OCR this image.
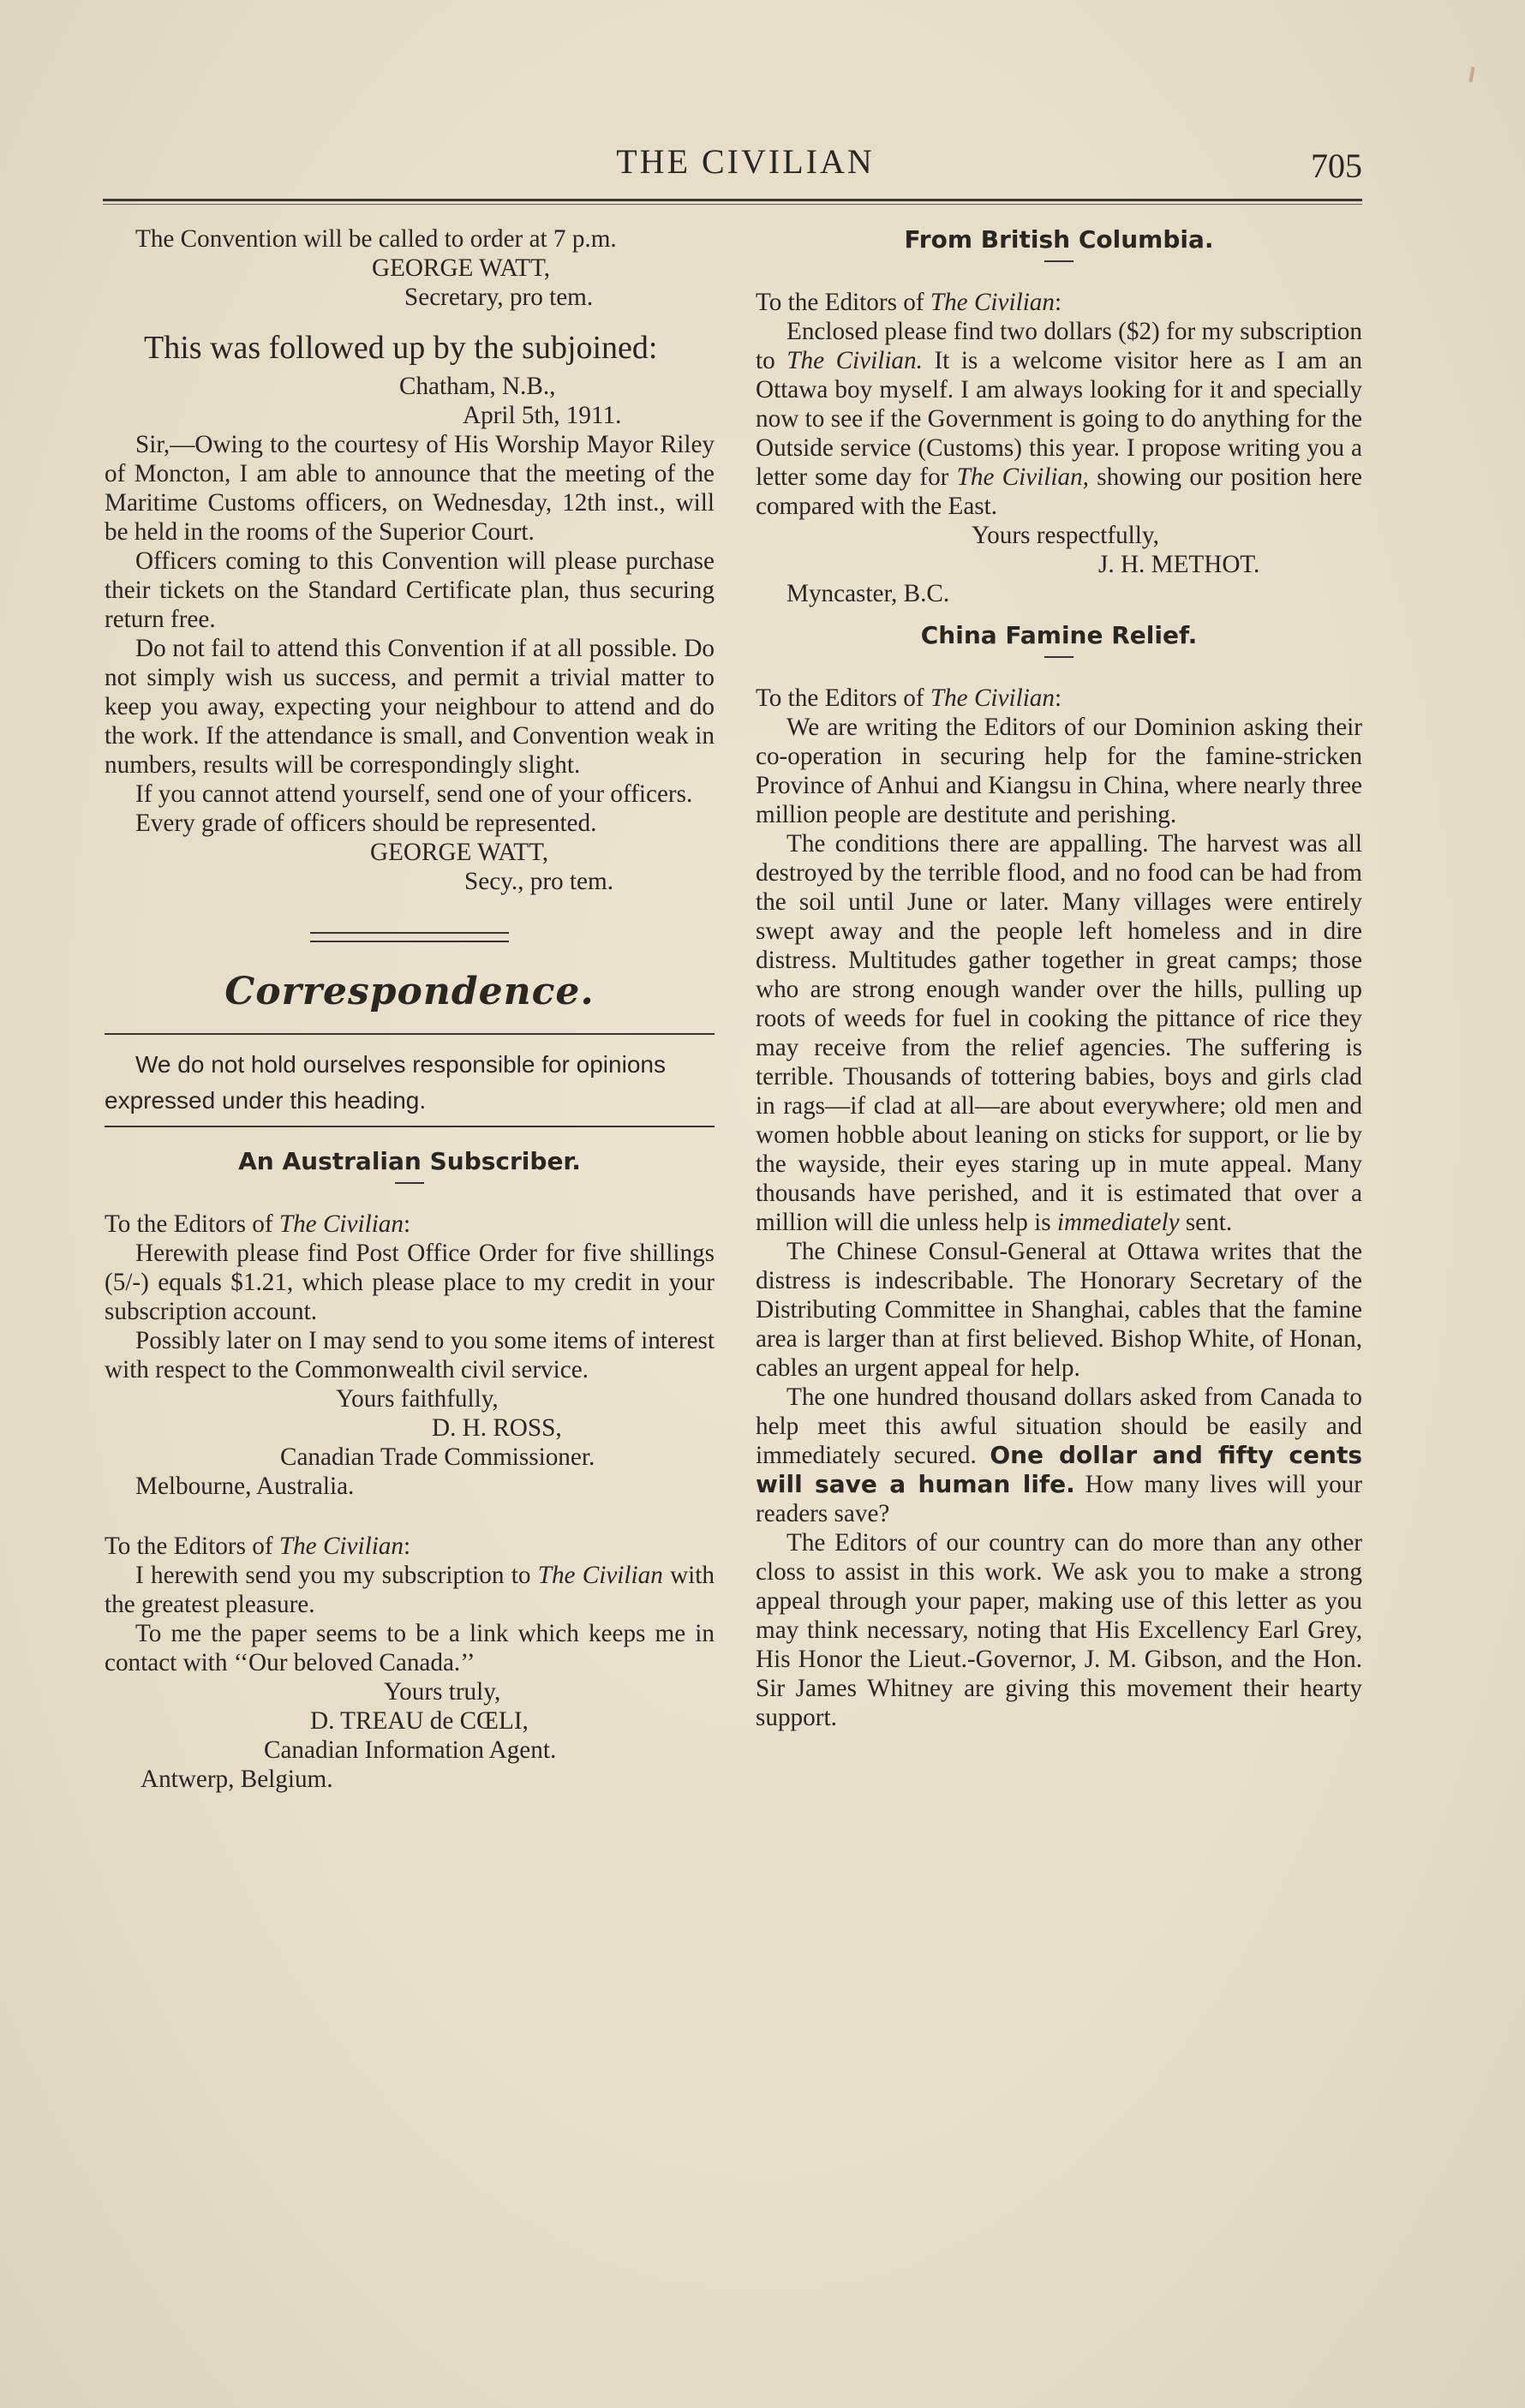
THE CIVILIAN	705

The Convention will be called to order at 7 p.m.

GEORGE WATT,

Secretary, pro tem.

This was followed up by the subjoined:

Chatham, N.B.,

April 5th, 1911.

Sir,—Owing to the courtesy of His Worship Mayor Riley of Moncton, I am able to announce that the meeting of the Maritime Customs officers, on Wednesday, 12th inst., will be held in the rooms of the Superior Court.

Officers coming to this Convention will please purchase their tickets on the Standard Certificate plan, thus securing return free.

Do not fail to attend this Convention if at all possible. Do not simply wish us success, and permit a trivial matter to keep you away, expecting your neighbour to attend and do the work. If the attendance is small, and Convention weak in numbers, results will be correspondingly slight.

If you cannot attend yourself, send one of your officers.

Every grade of officers should be represented.

GEORGE WATT,

Secy., pro tem.

Correspondence.

We do not hold ourselves responsible for opinions expressed under this heading.

An Australian Subscriber.

To the Editors of The Civilian:

Herewith please find Post Office Order for five shillings (5/-) equals $1.21, which please place to my credit in your subscription account.

Possibly later on I may send to you some items of interest with respect to the Commonwealth civil service.

Yours faithfully,

D. H. ROSS,

Canadian Trade Commissioner.

Melbourne, Australia.

To the Editors of The Civilian:

I herewith send you my subscription to The Civilian with the greatest pleasure.

To me the paper seems to be a link which keeps me in contact with ‘‘Our beloved Canada.’’

Yours truly,

D. TREAU de CŒLI,

Canadian Information Agent.

Antwerp, Belgium.

From British Columbia.

To the Editors of The Civilian:

Enclosed please find two dollars ($2) for my subscription to The Civilian. It is a welcome visitor here as I am an Ottawa boy myself. I am always looking for it and specially now to see if the Government is going to do anything for the Outside service (Customs) this year. I propose writing you a letter some day for The Civilian, showing our position here compared with the East.

Yours respectfully,

J. H. METHOT.

Myncaster, B.C.

China Famine Relief.

To the Editors of The Civilian:

We are writing the Editors of our Dominion asking their co-operation in securing help for the famine-stricken Province of Anhui and Kiangsu in China, where nearly three million people are destitute and perishing.

The conditions there are appalling. The harvest was all destroyed by the terrible flood, and no food can be had from the soil until June or later. Many villages were entirely swept away and the people left homeless and in dire distress. Multitudes gather together in great camps; those who are strong enough wander over the hills, pulling up roots of weeds for fuel in cooking the pittance of rice they may receive from the relief agencies. The suffering is terrible. Thousands of tottering babies, boys and girls clad in rags—if clad at all—are about everywhere; old men and women hobble about leaning on sticks for support, or lie by the wayside, their eyes staring up in mute appeal. Many thousands have perished, and it is estimated that over a million will die unless help is immediately sent.

The Chinese Consul-General at Ottawa writes that the distress is indescribable. The Honorary Secretary of the Distributing Committee in Shanghai, cables that the famine area is larger than at first believed. Bishop White, of Honan, cables an urgent appeal for help.

The one hundred thousand dollars asked from Canada to help meet this awful situation should be easily and immediately secured. One dollar and fifty cents will save a human life. How many lives will your readers save?

The Editors of our country can do more than any other closs to assist in this work. We ask you to make a strong appeal through your paper, making use of this letter as you may think necessary, noting that His Excellency Earl Grey, His Honor the Lieut.-Governor, J. M. Gibson, and the Hon. Sir James Whitney are giving this movement their hearty support.
